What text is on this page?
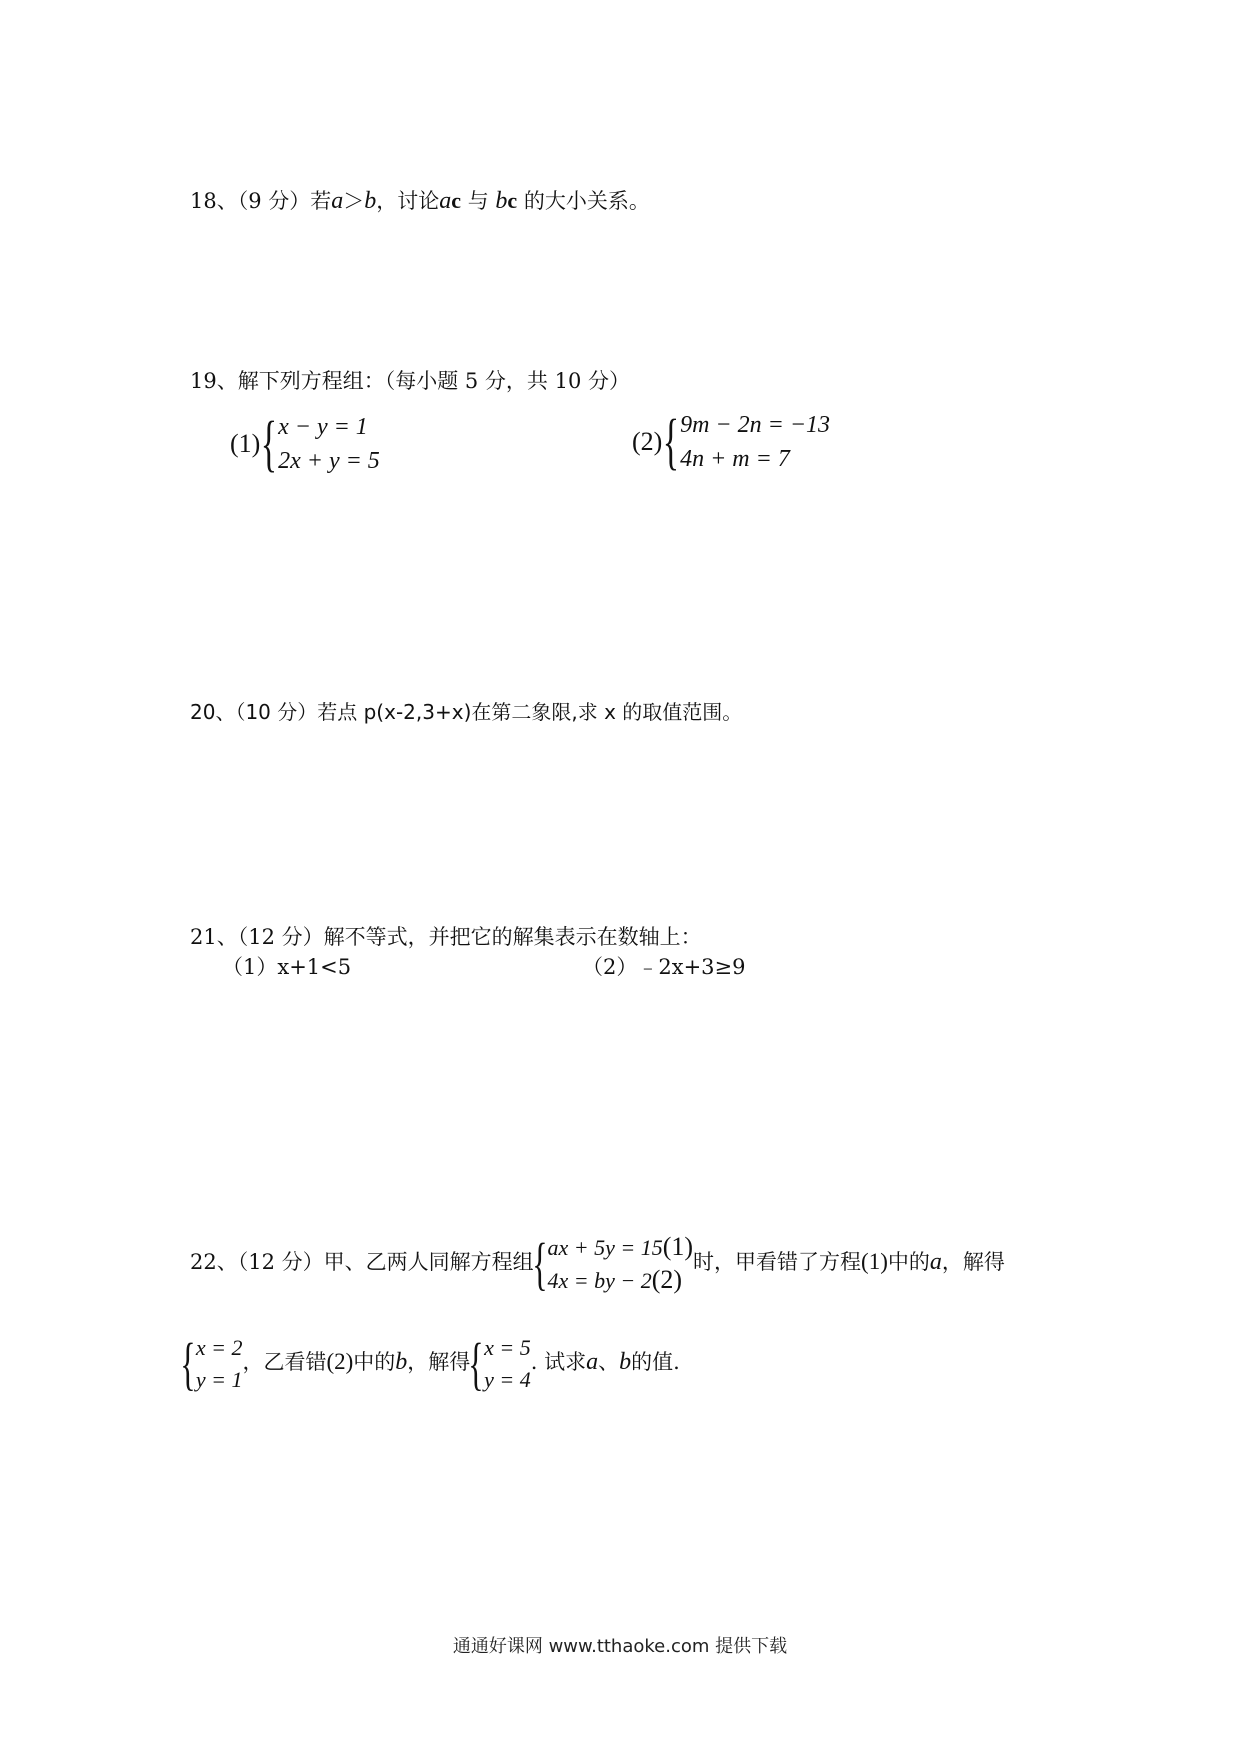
18、（9 分）若a＞b，讨论ac 与 bc 的大小关系。
19、解下列方程组：（每小题 5 分，共 10 分）
(1) { x − y = 1
2x + y = 5
(2) { 9m − 2n = −13
4n + m = 7
20、（10 分）若点 p(x-2,3+x)在第二象限,求 x 的取值范围。
21、（12 分）解不等式，并把它的解集表示在数轴上：
（1）x+1<5	（2）﹣2x+3≥9
22、（12 分）甲、乙两人同解方程组
{ ax + 5y = 15(1)
4x = by − 2(2)
时，甲看错了方程(1)中的a，解得
{ x = 2
y = 1
，乙看错(2)中的b，解得
{ x = 5
y = 4
. 试求a、b的值.
通通好课网 www.tthaoke.com 提供下载
